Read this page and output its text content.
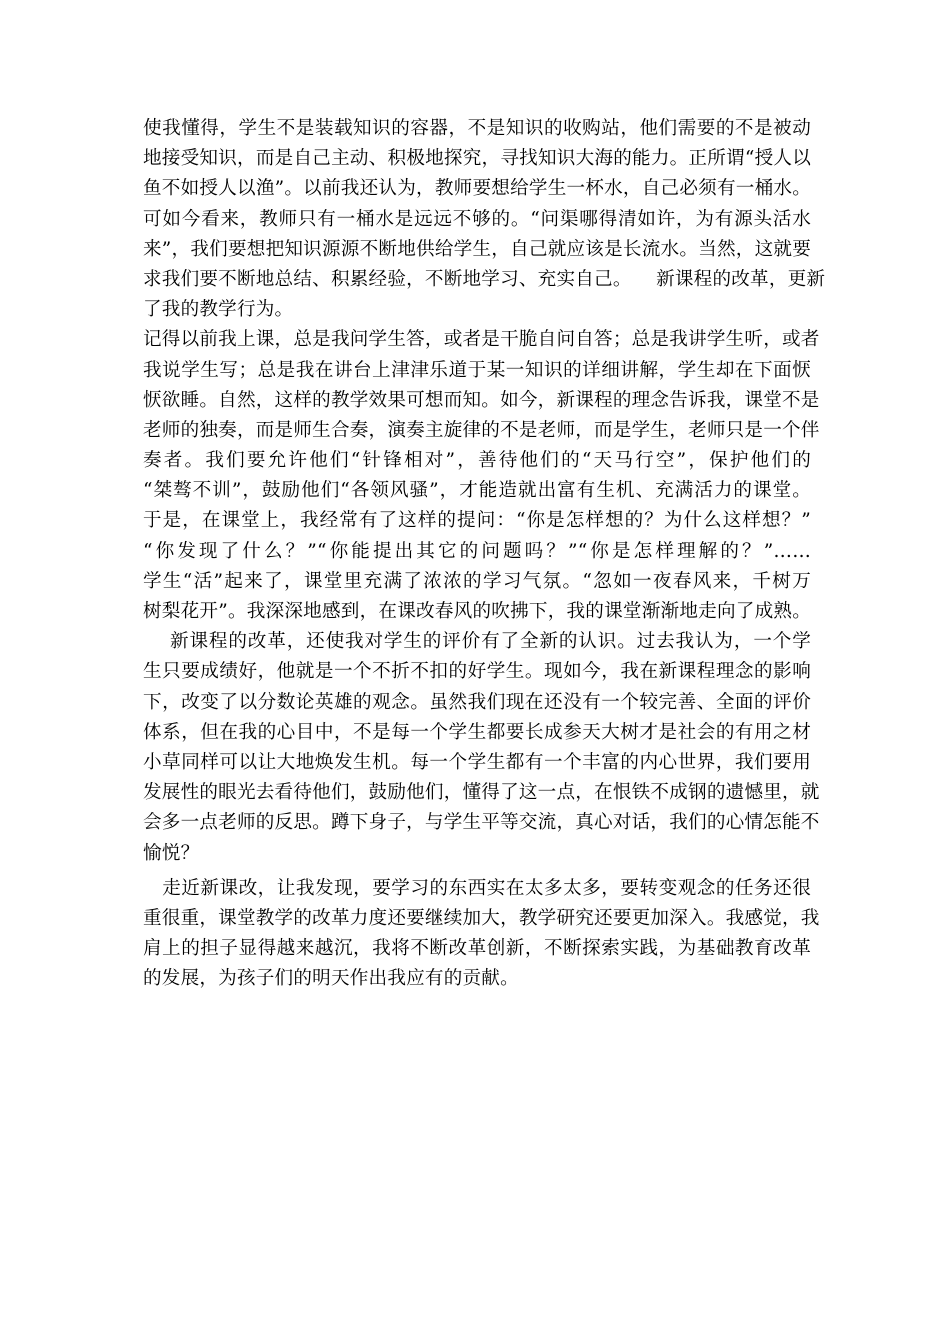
使我懂得，学生不是装载知识的容器，不是知识的收购站，他们需要的不是被动
地接受知识，而是自己主动、积极地探究，寻找知识大海的能力。正所谓“授人以
鱼不如授人以渔”。以前我还认为，教师要想给学生一杯水，自己必须有一桶水。
可如今看来，教师只有一桶水是远远不够的。“问渠哪得清如许，为有源头活水
来”，我们要想把知识源源不断地供给学生，自己就应该是长流水。当然，这就要
求我们要不断地总结、积累经验，不断地学习、充实自己。    新课程的改革，更新
了我的教学行为。
记得以前我上课，总是我问学生答，或者是干脆自问自答；总是我讲学生听，或者
我说学生写；总是我在讲台上津津乐道于某一知识的详细讲解，学生却在下面恹
恹欲睡。自然，这样的教学效果可想而知。如今，新课程的理念告诉我，课堂不是
老师的独奏，而是师生合奏，演奏主旋律的不是老师，而是学生，老师只是一个伴
奏者。我们要允许他们“针锋相对”，善待他们的“天马行空”，保护他们的
“桀骜不训”，鼓励他们“各领风骚”，才能造就出富有生机、充满活力的课堂。
于是，在课堂上，我经常有了这样的提问：“你是怎样想的？为什么这样想？”
“你发现了什么？”“你能提出其它的问题吗？”“你是怎样理解的？”……
学生“活”起来了，课堂里充满了浓浓的学习气氛。“忽如一夜春风来，千树万
树梨花开”。我深深地感到，在课改春风的吹拂下，我的课堂渐渐地走向了成熟。
新课程的改革，还使我对学生的评价有了全新的认识。过去我认为，一个学
生只要成绩好，他就是一个不折不扣的好学生。现如今，我在新课程理念的影响
下，改变了以分数论英雄的观念。虽然我们现在还没有一个较完善、全面的评价
体系，但在我的心目中，不是每一个学生都要长成参天大树才是社会的有用之材
小草同样可以让大地焕发生机。每一个学生都有一个丰富的内心世界，我们要用
发展性的眼光去看待他们，鼓励他们，懂得了这一点，在恨铁不成钢的遗憾里，就
会多一点老师的反思。蹲下身子，与学生平等交流，真心对话，我们的心情怎能不
愉悦？
走近新课改，让我发现，要学习的东西实在太多太多，要转变观念的任务还很
重很重，课堂教学的改革力度还要继续加大，教学研究还要更加深入。我感觉，我
肩上的担子显得越来越沉，我将不断改革创新，不断探索实践，为基础教育改革
的发展，为孩子们的明天作出我应有的贡献。
